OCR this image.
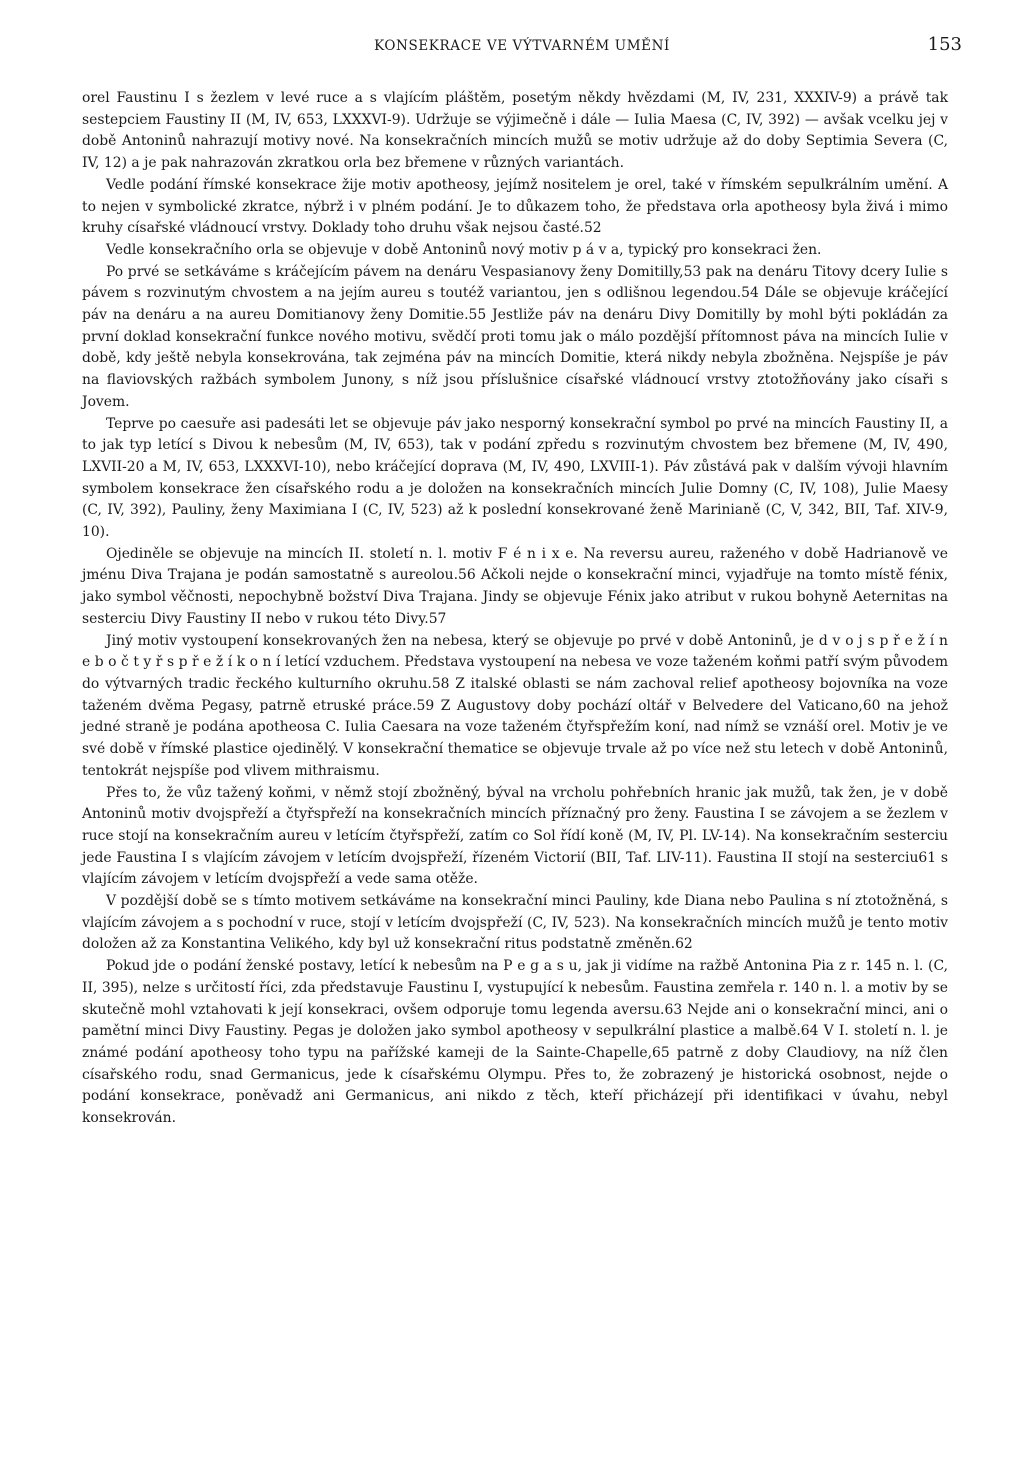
KONSEKRACE VE VÝTVARNÉM UMĚNÍ	153

orel Faustinu I s žezlem v levé ruce a s vlajícím pláštěm, posetým někdy hvězdami (M, IV, 231, XXXIV-9) a právě tak sestерciem Faustiny II (M, IV, 653, LXXXVI-9). Udržuje se výjimečně i dále — Iulia Maesa (C, IV, 392) — avšak vcelku jej v době Antoninů nahrazují motivy nové. Na konsekračních mincích mužů se motiv udržuje až do doby Septimia Severa (C, IV, 12) a je pak nahrazován zkratkou orla bez břemene v různých variantách.

Vedle podání římské konsekrace žije motiv apotheosy, jejímž nositelem je orel, také v římském sepulkrálním umění. A to nejen v symbolické zkratce, nýbrž i v plném podání. Je to důkazem toho, že představa orla apotheosy byla živá i mimo kruhy císařské vládnoucí vrstvy. Doklady toho druhu však nejsou časté.52

Vedle konsekračního orla se objevuje v době Antoninů nový motiv p á v a, typický pro konsekraci žen.

Po prvé se setkáváme s kráčejícím pávem na denáru Vespasianovy ženy Domitilly,53 pak na denáru Titovy dcery Iulie s pávem s rozvinutým chvostem a na jejím aureu s toutéž variantou, jen s odlišnou legendou.54 Dále se objevuje kráčející páv na denáru a na aureu Domitianovy ženy Domitie.55 Jestliže páv na denáru Divy Domitilly by mohl býti pokládán za první doklad konsekrační funkce nového motivu, svědčí proti tomu jak o málo pozdější přítomnost páva na mincích Iulie v době, kdy ještě nebyla konsekrována, tak zejména páv na mincích Domitie, která nikdy nebyla zbožněna. Nejspíše je páv na flaviovských ražbách symbolem Junony, s níž jsou příslušnice císařské vládnoucí vrstvy ztotožňovány jako císaři s Jovem.

Teprve po caesuře asi padesáti let se objevuje páv jako nesporný konsekrační symbol po prvé na mincích Faustiny II, a to jak typ letící s Divou k nebesům (M, IV, 653), tak v podání zpředu s rozvinutým chvostem bez břemene (M, IV, 490, LXVII-20 a M, IV, 653, LXXXVI-10), nebo kráčející doprava (M, IV, 490, LXVIII-1). Páv zůstává pak v dalším vývoji hlavním symbolem konsekrace žen císařského rodu a je doložen na konsekračních mincích Julie Domny (C, IV, 108), Julie Maesy (C, IV, 392), Pauliny, ženy Maximiana I (C, IV, 523) až k poslední konsekrované ženě Marinianě (C, V, 342, BII, Taf. XIV-9, 10).

Ojediněle se objevuje na mincích II. století n. l. motiv F é n i x e. Na reversu aureu, raženého v době Hadrianově ve jménu Diva Trajana je podán samostatně s aureolou.56 Ačkoli nejde o konsekrační minci, vyjadřuje na tomto místě fénix, jako symbol věčnosti, nepochybně božství Diva Trajana. Jindy se objevuje Fénix jako atribut v rukou bohyně Aeternitas na sesterciu Divy Faustiny II nebo v rukou této Divy.57

Jiný motiv vystoupení konsekrovaných žen na nebesa, který se objevuje po prvé v době Antoninů, je d v o j s p ř e ž í n e b o č t y ř s p ř e ž í k o n í letící vzduchem. Představa vystoupení na nebesa ve voze taženém koňmi patří svým původem do výtvarných tradic řeckého kulturního okruhu.58 Z italské oblasti se nám zachoval relief apotheosy bojovníka na voze taženém dvěma Pegasy, patrně etruské práce.59 Z Augustovy doby pochází oltář v Belvedere del Vaticano,60 na jehož jedné straně je podána apotheosa C. Iulia Caesara na voze taženém čtyřspřežím koní, nad nímž se vznáší orel. Motiv je ve své době v římské plastice ojedinělý. V konsekrační thematice se objevuje trvale až po více než stu letech v době Antoninů, tentokrát nejspíše pod vlivem mithraismu.

Přes to, že vůz tažený koňmi, v němž stojí zbožněný, býval na vrcholu pohřebních hranic jak mužů, tak žen, je v době Antoninů motiv dvojspřeží a čtyřspřeží na konsekračních mincích příznačný pro ženy. Faustina I se závojem a se žezlem v ruce stojí na konsekračním aureu v letícím čtyřspřeží, zatím co Sol řídí koně (M, IV, Pl. LV-14). Na konsekračním sesterciu jede Faustina I s vlajícím závojem v letícím dvojspřeží, řízeném Victorií (BII, Taf. LIV-11). Faustina II stojí na sesterciu61 s vlajícím závojem v letícím dvojspřeží a vede sama otěže.

V pozdější době se s tímto motivem setkáváme na konsekrační minci Pauliny, kde Diana nebo Paulina s ní ztotožněná, s vlajícím závojem a s pochodní v ruce, stojí v letícím dvojspřeží (C, IV, 523). Na konsekračních mincích mužů je tento motiv doložen až za Konstantina Velikého, kdy byl už konsekrační ritus podstatně změněn.62

Pokud jde o podání ženské postavy, letící k nebesům na P e g a s u, jak ji vidíme na ražbě Antonina Pia z r. 145 n. l. (C, II, 395), nelze s určitostí říci, zda představuje Faustinu I, vystupující k nebesům. Faustina zemřela r. 140 n. l. a motiv by se skutečně mohl vztahovati k její konsekraci, ovšem odporuje tomu legenda aversu.63 Nejde ani o konsekrační minci, ani o pamětní minci Divy Faustiny. Pegas je doložen jako symbol apotheosy v sepulkrální plastice a malbě.64 V I. století n. l. je známé podání apotheosy toho typu na pařížské kameji de la Sainte-Chapelle,65 patrně z doby Claudiovy, na níž člen císařského rodu, snad Germanicus, jede k císařskému Olympu. Přes to, že zobrazený je historická osobnost, nejde o podání konsekrace, poněvadž ani Germanicus, ani nikdo z těch, kteří přicházejí při identifikaci v úvahu, nebyl konsekrován.
